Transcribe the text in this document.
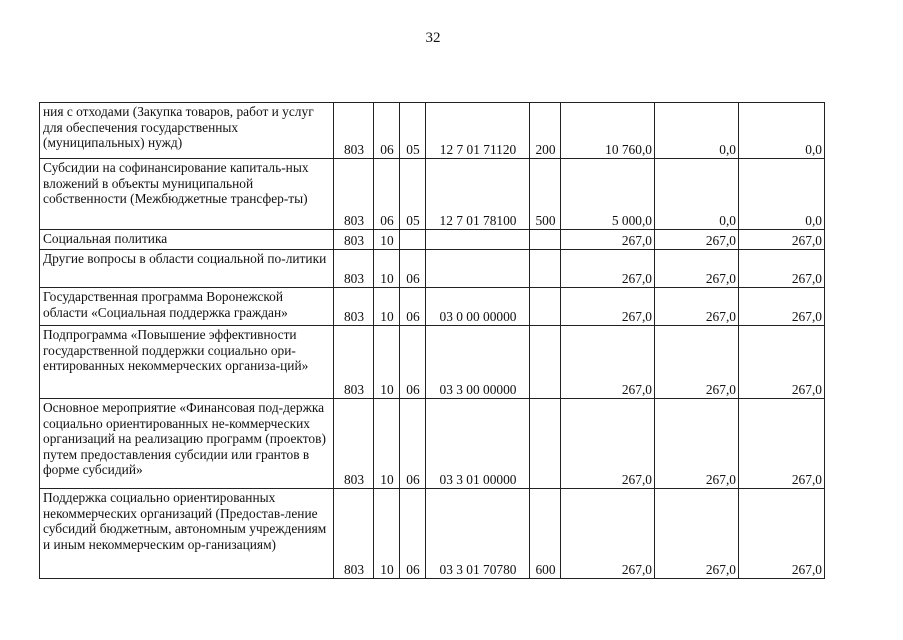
32
ния с отходами (Закупка товаров, работ и услуг для обеспечения государственных (муниципальных) нужд)	803	06	05	12 7 01 71120	200	10 760,0	0,0	0,0
Субсидии на софинансирование капиталь-ных вложений в объекты муниципальной собственности (Межбюджетные трансфер-ты)	803	06	05	12 7 01 78100	500	5 000,0	0,0	0,0
Социальная политика	803	10				267,0	267,0	267,0
Другие вопросы в области социальной по-литики	803	10	06			267,0	267,0	267,0
Государственная программа Воронежской области «Социальная поддержка граждан»	803	10	06	03 0 00 00000		267,0	267,0	267,0
Подпрограмма «Повышение эффективности государственной поддержки социально ори-ентированных некоммерческих организа-ций»	803	10	06	03 3 00 00000		267,0	267,0	267,0
Основное мероприятие «Финансовая под-держка социально ориентированных не-коммерческих организаций на реализацию программ (проектов) путем предоставления субсидии или грантов в форме субсидий»	803	10	06	03 3 01 00000		267,0	267,0	267,0
Поддержка социально ориентированных некоммерческих организаций (Предостав-ление субсидий бюджетным, автономным учреждениям и иным некоммерческим ор-ганизациям)	803	10	06	03 3 01 70780	600	267,0	267,0	267,0
